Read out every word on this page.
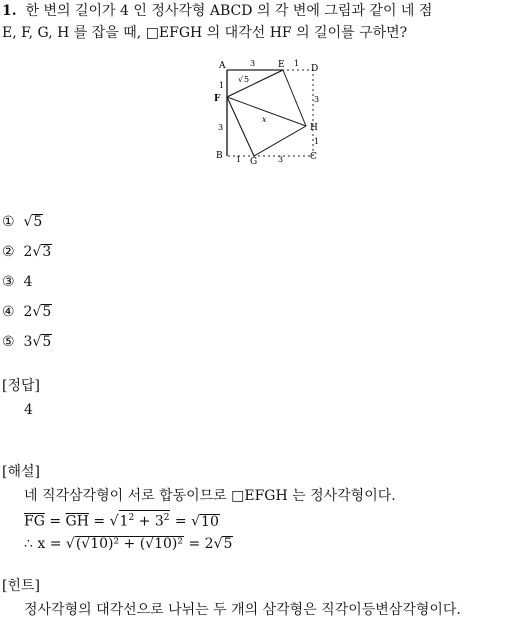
1. 한 변의 길이가 4 인 정사각형 ABCD 의 각 변에 그림과 같이 네 점
E, F, G, H 를 잡을 때, □EFGH 의 대각선 HF 의 길이를 구하면?
A	E	D
F
H
B
G	C
3	1
1
3
3
1	3
1
√ 5
x
①  √5
② 2√3
③ 4
④ 2√5
⑤ 3√5
[정답]
4
[해설]
네 직각삼각형이 서로 합동이므로 □EFGH 는 정사각형이다.
$\overline{FG} = \overline{GH} = √1^2 + 3^2 = √10$
∴ x = √(√10)² + (√10)² = 2√5
[힌트]
정사각형의 대각선으로 나뉘는 두 개의 삼각형은 직각이등변삼각형이다.
